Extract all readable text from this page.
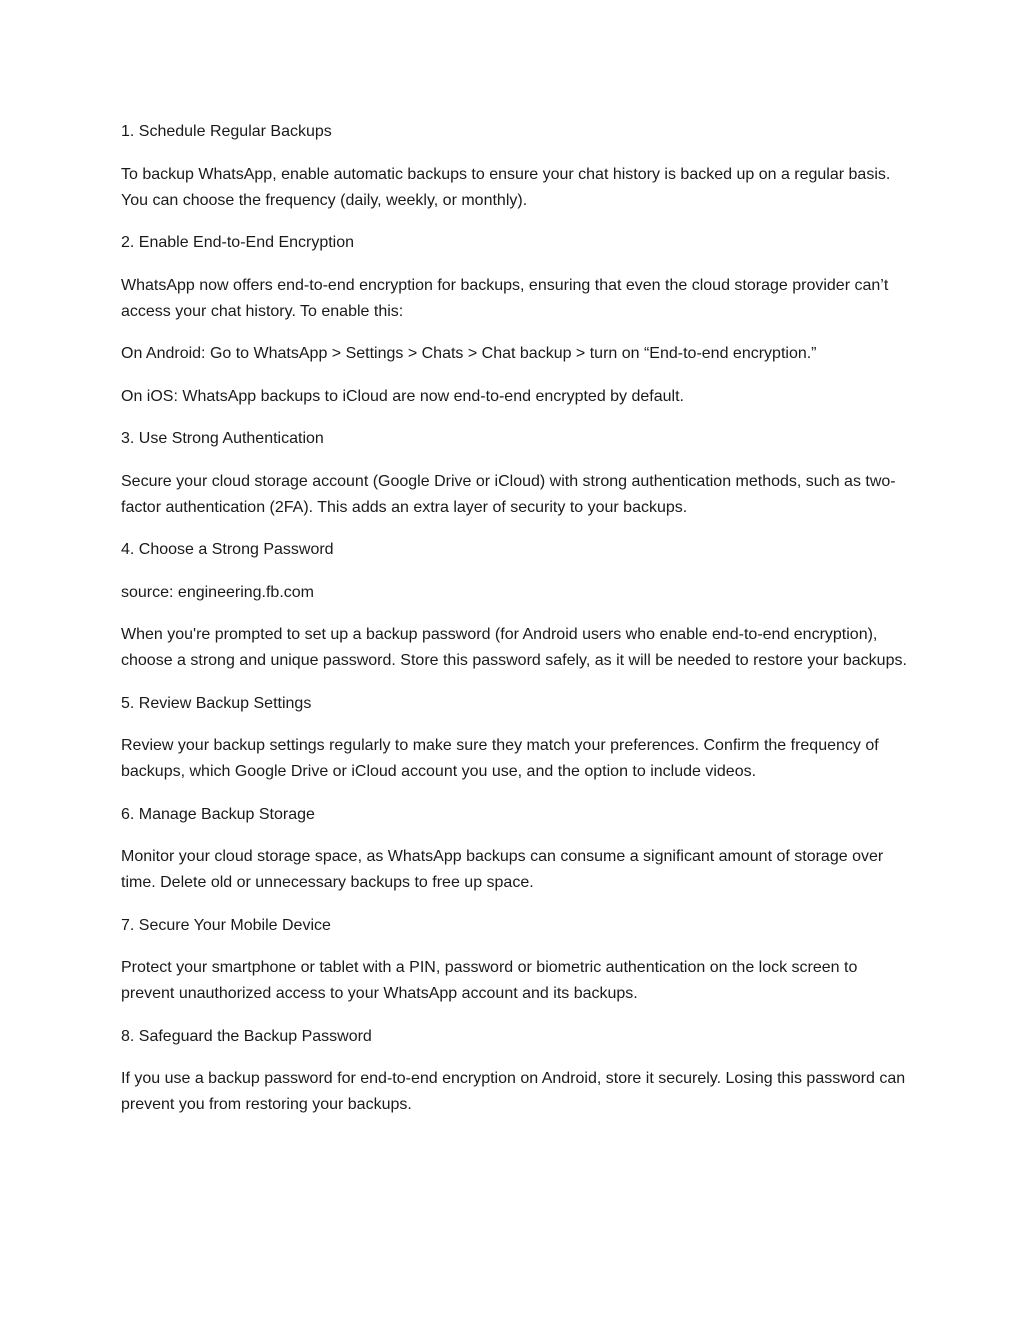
1. Schedule Regular Backups

To backup WhatsApp, enable automatic backups to ensure your chat history is backed up on a regular basis. You can choose the frequency (daily, weekly, or monthly).

2. Enable End-to-End Encryption

WhatsApp now offers end-to-end encryption for backups, ensuring that even the cloud storage provider can’t access your chat history. To enable this:

On Android: Go to WhatsApp > Settings > Chats > Chat backup > turn on “End-to-end encryption.”

On iOS: WhatsApp backups to iCloud are now end-to-end encrypted by default.

3. Use Strong Authentication

Secure your cloud storage account (Google Drive or iCloud) with strong authentication methods, such as two-factor authentication (2FA). This adds an extra layer of security to your backups.

4. Choose a Strong Password

source: engineering.fb.com

When you're prompted to set up a backup password (for Android users who enable end-to-end encryption), choose a strong and unique password. Store this password safely, as it will be needed to restore your backups.

5. Review Backup Settings

Review your backup settings regularly to make sure they match your preferences. Confirm the frequency of backups, which Google Drive or iCloud account you use, and the option to include videos.

6. Manage Backup Storage

Monitor your cloud storage space, as WhatsApp backups can consume a significant amount of storage over time. Delete old or unnecessary backups to free up space.

7. Secure Your Mobile Device

Protect your smartphone or tablet with a PIN, password or biometric authentication on the lock screen to prevent unauthorized access to your WhatsApp account and its backups.

8. Safeguard the Backup Password

If you use a backup password for end-to-end encryption on Android, store it securely. Losing this password can prevent you from restoring your backups.
